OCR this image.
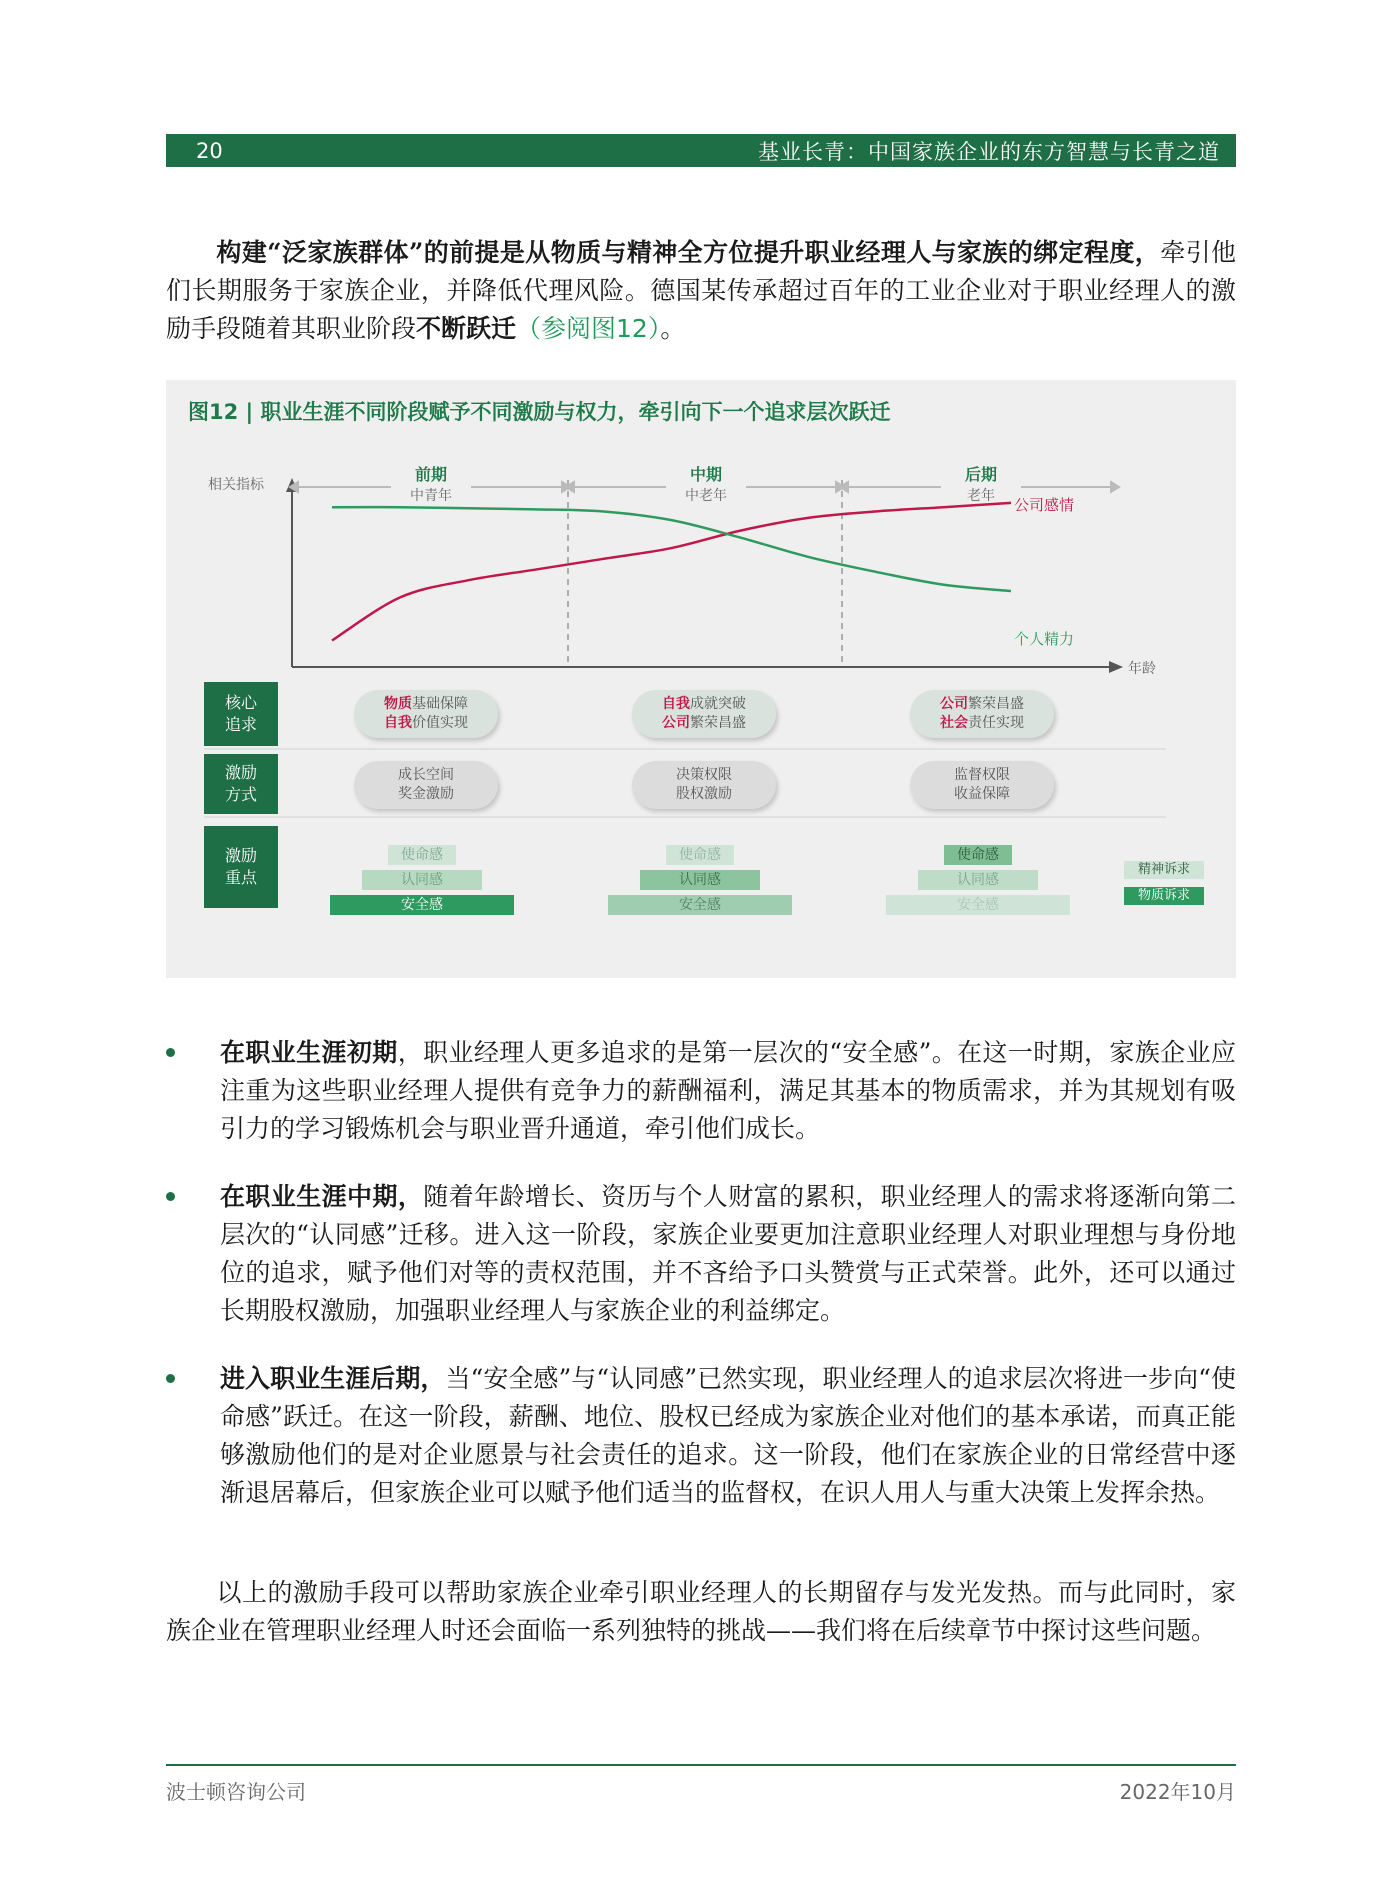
20	基业长青：中国家族企业的东方智慧与长青之道
构建“泛家族群体”的前提是从物质与精神全方位提升职业经理人与家族的绑定程度，牵引他们长期服务于家族企业，并降低代理风险。德国某传承超过百年的工业企业对于职业经理人的激励手段随着其职业阶段不断跃迁（参阅图12）。
图12 | 职业生涯不同阶段赋予不同激励与权力，牵引向下一个追求层次跃迁
相关指标
年龄
前期
中青年
中期
中老年
后期
老年 公司感情
个人精力
核心
追求
激励
方式
激励
重点
物质基础保障
自我价值实现
自我成就突破
公司繁荣昌盛
公司繁荣昌盛
社会责任实现
成长空间
奖金激励
决策权限
股权激励
监督权限
收益保障
使命感
认同感
安全感
使命感
认同感
安全感
使命感
认同感
安全感
精神诉求
物质诉求
在职业生涯初期，职业经理人更多追求的是第一层次的“安全感”。在这一时期，家族企业应注重为这些职业经理人提供有竞争力的薪酬福利，满足其基本的物质需求，并为其规划有吸引力的学习锻炼机会与职业晋升通道，牵引他们成长。
在职业生涯中期，随着年龄增长、资历与个人财富的累积，职业经理人的需求将逐渐向第二层次的“认同感”迁移。进入这一阶段，家族企业要更加注意职业经理人对职业理想与身份地位的追求，赋予他们对等的责权范围，并不吝给予口头赞赏与正式荣誉。此外，还可以通过长期股权激励，加强职业经理人与家族企业的利益绑定。
进入职业生涯后期，当“安全感”与“认同感”已然实现，职业经理人的追求层次将进一步向“使命感”跃迁。在这一阶段，薪酬、地位、股权已经成为家族企业对他们的基本承诺，而真正能够激励他们的是对企业愿景与社会责任的追求。这一阶段，他们在家族企业的日常经营中逐渐退居幕后，但家族企业可以赋予他们适当的监督权，在识人用人与重大决策上发挥余热。
以上的激励手段可以帮助家族企业牵引职业经理人的长期留存与发光发热。而与此同时，家族企业在管理职业经理人时还会面临一系列独特的挑战——我们将在后续章节中探讨这些问题。
波士顿咨询公司	2022年10月
